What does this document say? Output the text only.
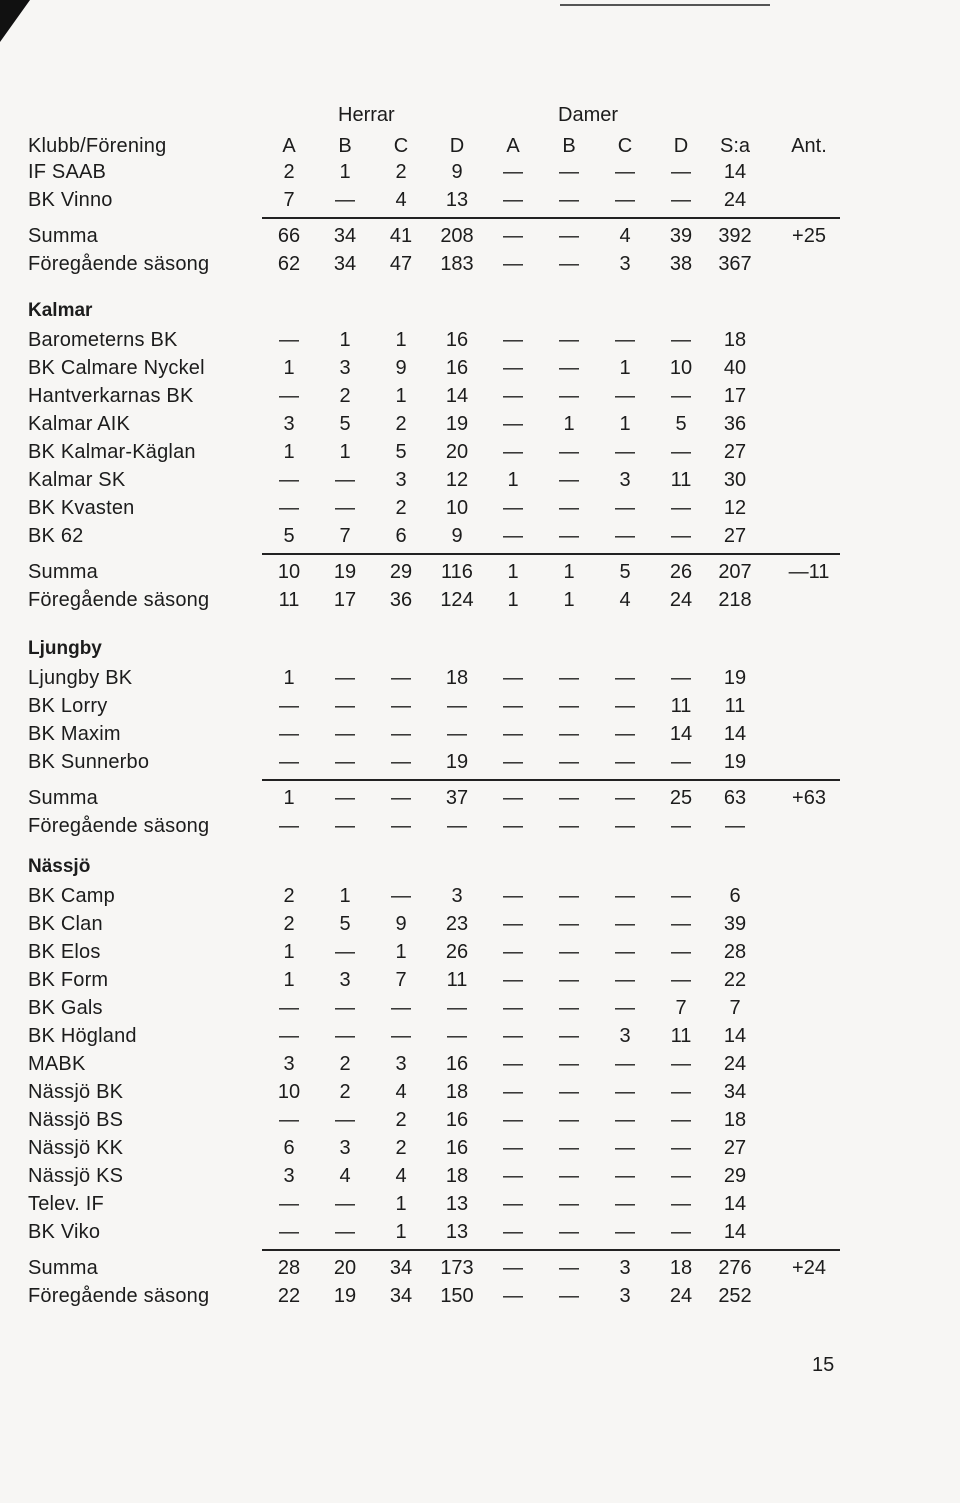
Herrar	Damer
Klubb/Förening	A	B	C	D	A	B	C	D	S:a	Ant.
IF SAAB	2	1	2	9	—	—	—	—	14
BK Vinno	7	—	4	13	—	—	—	—	24
Summa	66	34	41	208	—	—	4	39	392	+25
Föregående säsong	62	34	47	183	—	—	3	38	367
Kalmar
Barometerns BK	—	1	1	16	—	—	—	—	18
BK Calmare Nyckel	1	3	9	16	—	—	1	10	40
Hantverkarnas BK	—	2	1	14	—	—	—	—	17
Kalmar AIK	3	5	2	19	—	1	1	5	36
BK Kalmar-Käglan	1	1	5	20	—	—	—	—	27
Kalmar SK	—	—	3	12	1	—	3	11	30
BK Kvasten	—	—	2	10	—	—	—	—	12
BK 62	5	7	6	9	—	—	—	—	27
Summa	10	19	29	116	1	1	5	26	207	—11
Föregående säsong	11	17	36	124	1	1	4	24	218
Ljungby
Ljungby BK	1	—	—	18	—	—	—	—	19
BK Lorry	—	—	—	—	—	—	—	11	11
BK Maxim	—	—	—	—	—	—	—	14	14
BK Sunnerbo	—	—	—	19	—	—	—	—	19
Summa	1	—	—	37	—	—	—	25	63	+63
Föregående säsong	—	—	—	—	—	—	—	—	—
Nässjö
BK Camp	2	1	—	3	—	—	—	—	6
BK Clan	2	5	9	23	—	—	—	—	39
BK Elos	1	—	1	26	—	—	—	—	28
BK Form	1	3	7	11	—	—	—	—	22
BK Gals	—	—	—	—	—	—	—	7	7
BK Högland	—	—	—	—	—	—	3	11	14
MABK	3	2	3	16	—	—	—	—	24
Nässjö BK	10	2	4	18	—	—	—	—	34
Nässjö BS	—	—	2	16	—	—	—	—	18
Nässjö KK	6	3	2	16	—	—	—	—	27
Nässjö KS	3	4	4	18	—	—	—	—	29
Telev. IF	—	—	1	13	—	—	—	—	14
BK Viko	—	—	1	13	—	—	—	—	14
Summa	28	20	34	173	—	—	3	18	276	+24
Föregående säsong	22	19	34	150	—	—	3	24	252
15
